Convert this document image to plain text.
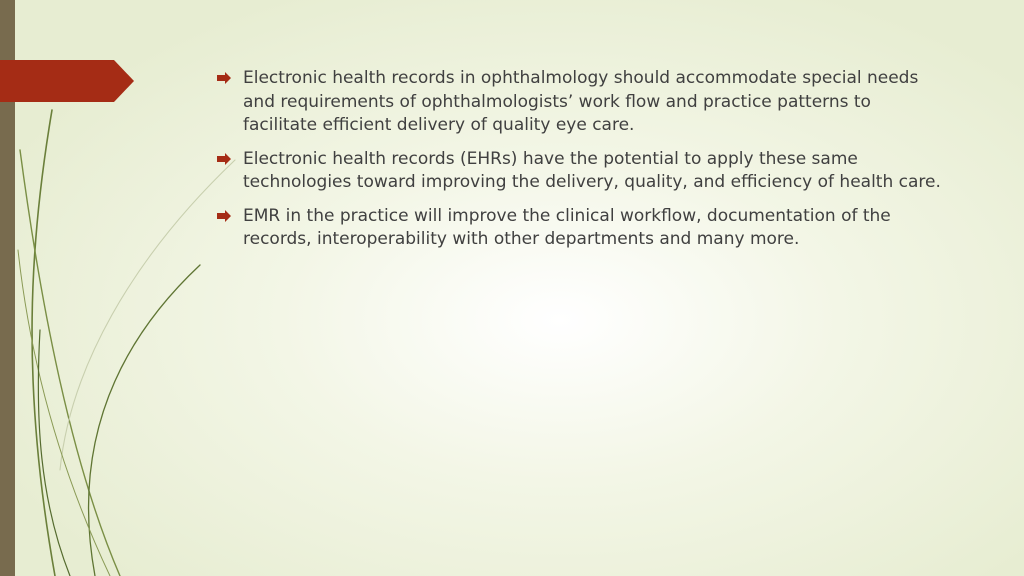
Electronic health records in ophthalmology should accommodate special needs and requirements of ophthalmologists’ work flow and practice patterns to facilitate efficient delivery of quality eye care.
Electronic health records (EHRs) have the potential to apply these same technologies toward improving the delivery, quality, and efficiency of health care.
EMR in the practice will improve the clinical workflow, documentation of the records, interoperability with other departments and many more.
